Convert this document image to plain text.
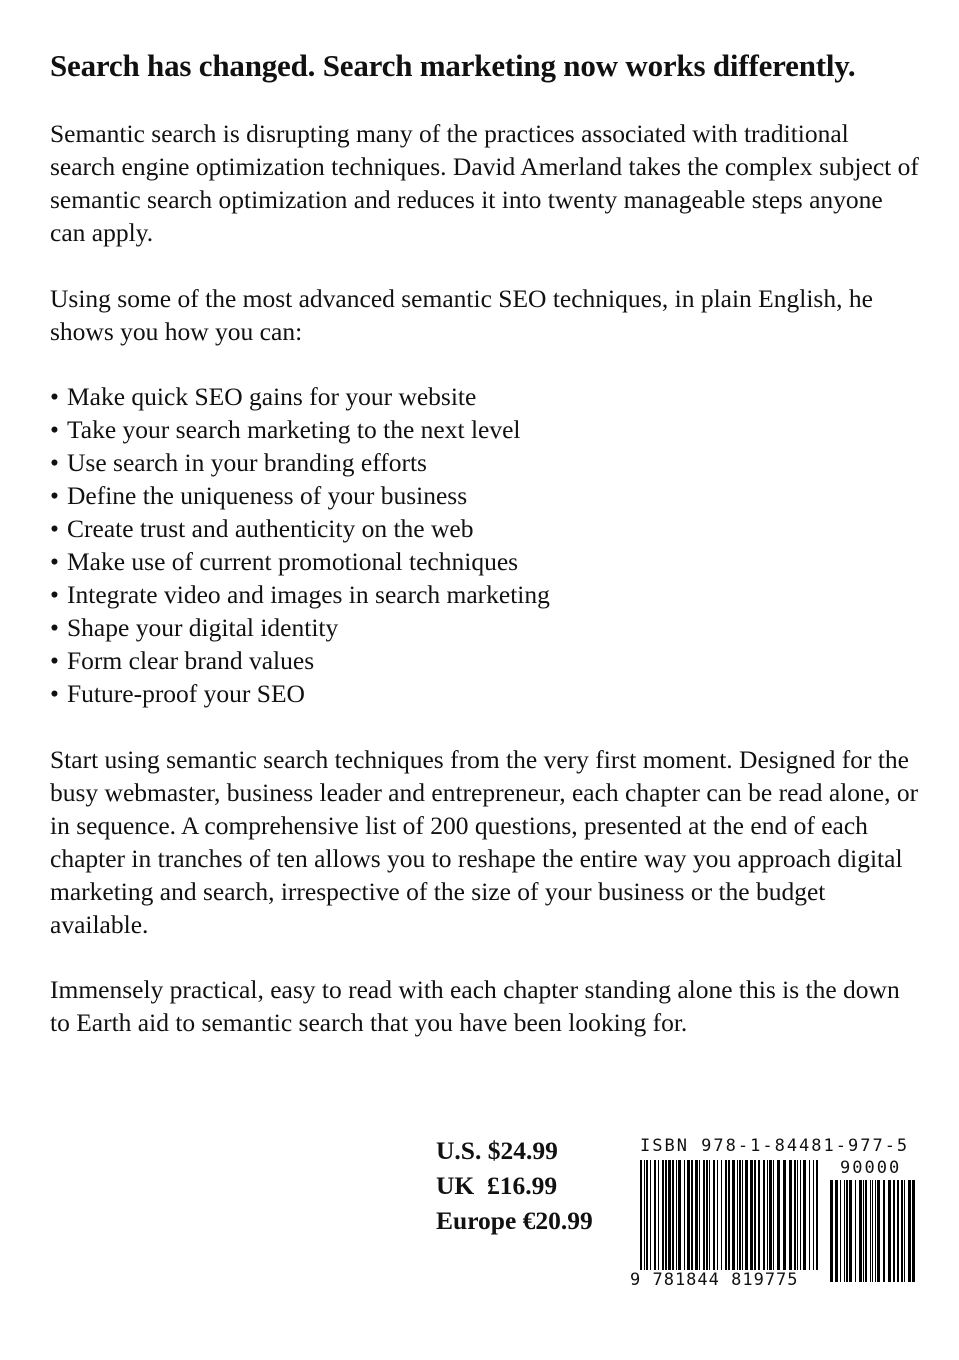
Search has changed. Search marketing now works differently.

Semantic search is disrupting many of the practices associated with traditional search engine optimization techniques. David Amerland takes the complex subject of semantic search optimization and reduces it into twenty manageable steps anyone can apply.

Using some of the most advanced semantic SEO techniques, in plain English, he shows you how you can:

• Make quick SEO gains for your website
• Take your search marketing to the next level
• Use search in your branding efforts
• Define the uniqueness of your business
• Create trust and authenticity on the web
• Make use of current promotional techniques
• Integrate video and images in search marketing
• Shape your digital identity
• Form clear brand values
• Future-proof your SEO

Start using semantic search techniques from the very first moment. Designed for the busy webmaster, business leader and entrepreneur, each chapter can be read alone, or in sequence. A comprehensive list of 200 questions, presented at the end of each chapter in tranches of ten allows you to reshape the entire way you approach digital marketing and search, irrespective of the size of your business or the budget available.

Immensely practical, easy to read with each chapter standing alone this is the down to Earth aid to semantic search that you have been looking for.

U.S. $24.99
UK  £16.99
Europe €20.99
ISBN 978-1-84481-977-5
90000
9 781844 819775
